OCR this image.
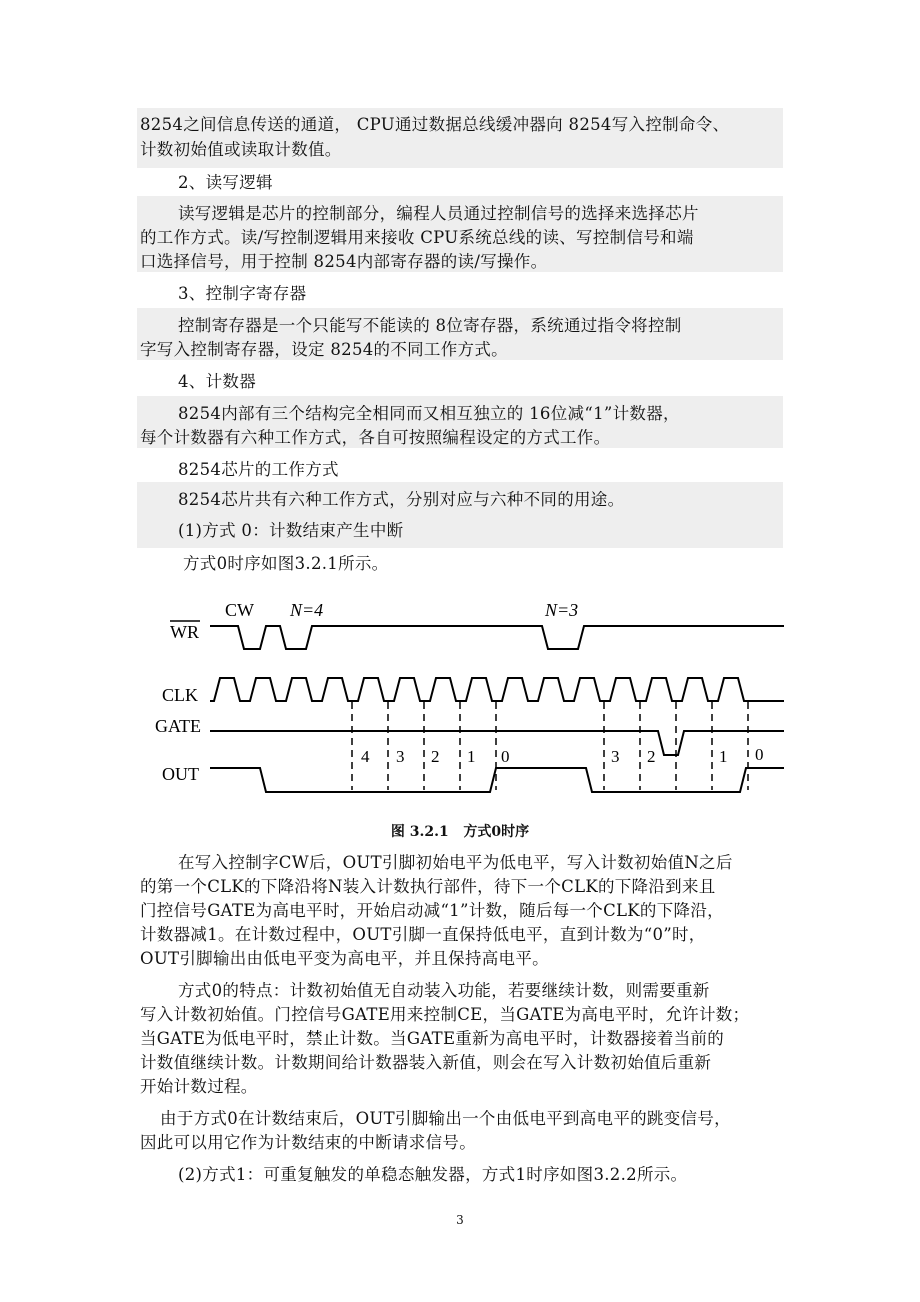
8254之间信息传送的通道， CPU通过数据总线缓冲器向 8254写入控制命令、

计数初始值或读取计数值。

2、读写逻辑

读写逻辑是芯片的控制部分，编程人员通过控制信号的选择来选择芯片

的工作方式。读/写控制逻辑用来接收 CPU系统总线的读、写控制信号和端

口选择信号，用于控制 8254内部寄存器的读/写操作。

3、控制字寄存器

控制寄存器是一个只能写不能读的 8位寄存器，系统通过指令将控制

字写入控制寄存器，设定 8254的不同工作方式。

4、计数器

8254内部有三个结构完全相同而又相互独立的 16位减“1”计数器，

每个计数器有六种工作方式，各自可按照编程设定的方式工作。

8254芯片的工作方式

8254芯片共有六种工作方式，分别对应与六种不同的用途。

(1)方式 0：计数结束产生中断

方式0时序如图3.2.1所示。

WR
CLK
GATE
OUT
CW N=4	N=3
4 3 2 1 0	3 2	1 0
图 3.2.1   方式0时序

在写入控制字CW后，OUT引脚初始电平为低电平，写入计数初始值N之后

的第一个CLK的下降沿将N装入计数执行部件，待下一个CLK的下降沿到来且

门控信号GATE为高电平时，开始启动减“1”计数，随后每一个CLK的下降沿，

计数器减1。在计数过程中，OUT引脚一直保持低电平，直到计数为“0”时，

OUT引脚输出由低电平变为高电平，并且保持高电平。

方式0的特点：计数初始值无自动装入功能，若要继续计数，则需要重新

写入计数初始值。门控信号GATE用来控制CE，当GATE为高电平时，允许计数；

当GATE为低电平时，禁止计数。当GATE重新为高电平时，计数器接着当前的

计数值继续计数。计数期间给计数器装入新值，则会在写入计数初始值后重新

开始计数过程。

由于方式0在计数结束后，OUT引脚输出一个由低电平到高电平的跳变信号，

因此可以用它作为计数结束的中断请求信号。

(2)方式1：可重复触发的单稳态触发器，方式1时序如图3.2.2所示。

3
